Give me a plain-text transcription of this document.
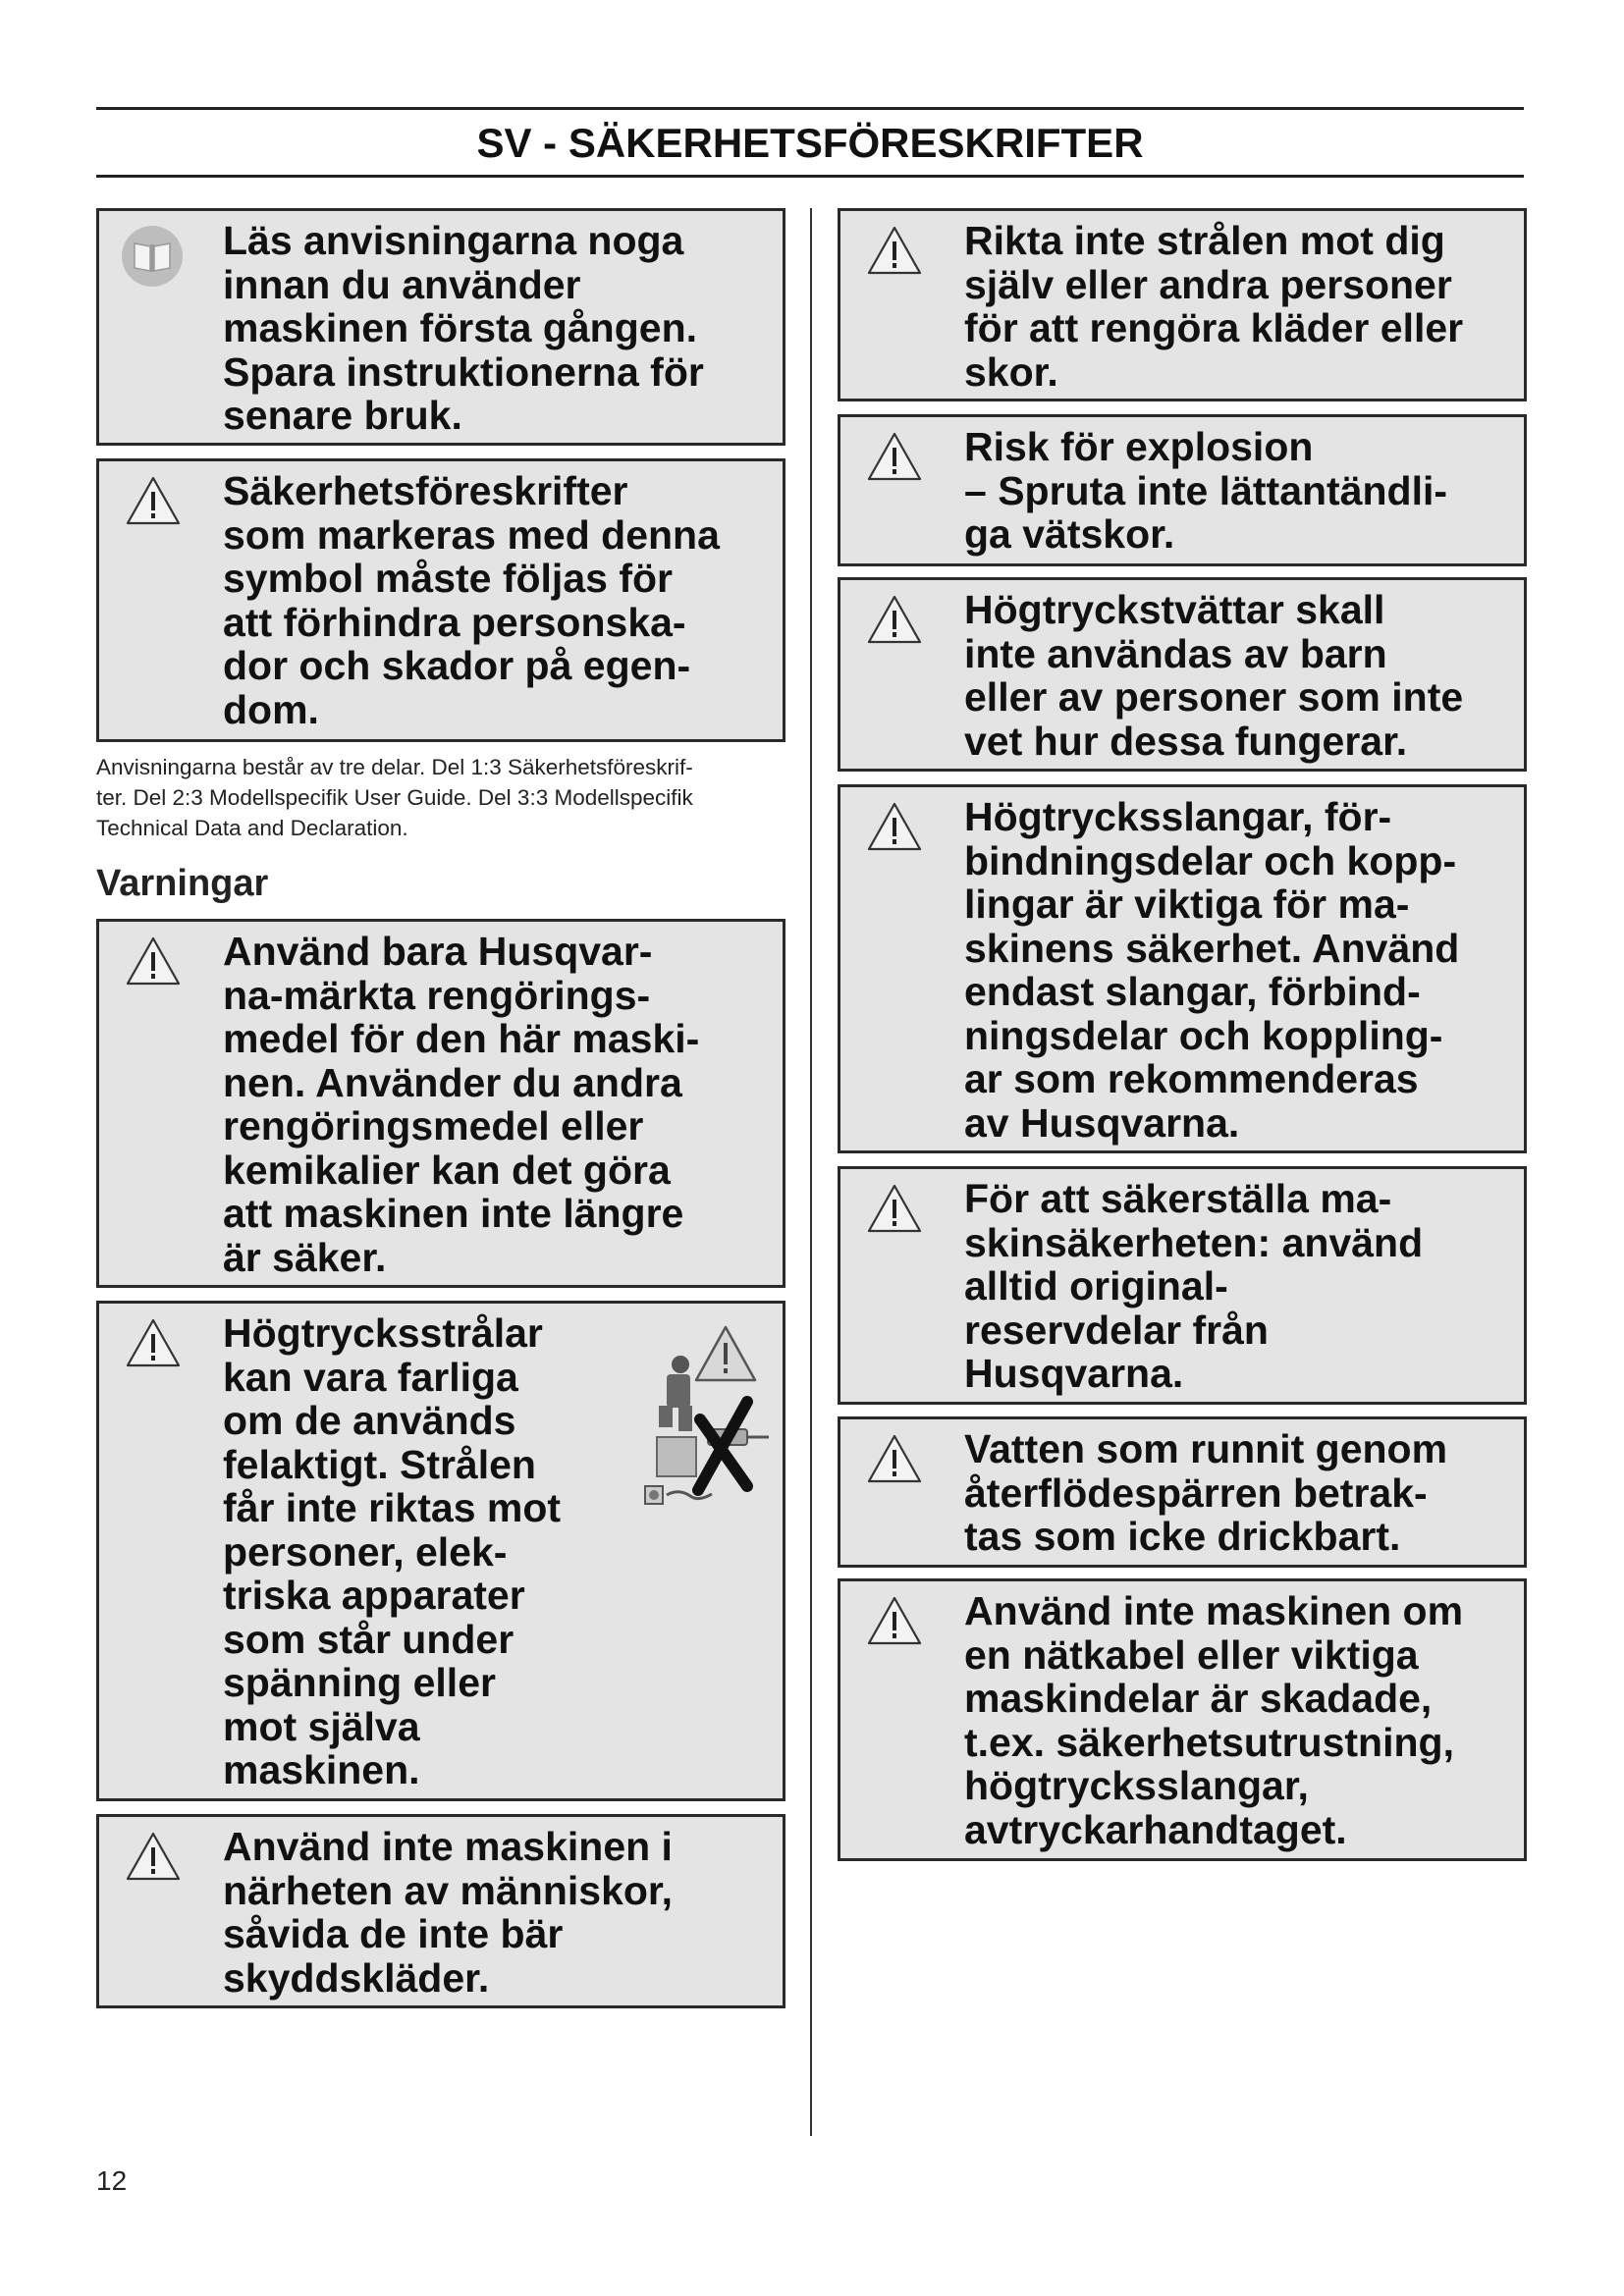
SV - SÄKERHETSFÖRESKRIFTER
Läs anvisningarna noga
innan du använder
maskinen första gången.
Spara instruktionerna för
senare bruk.
Säkerhetsföreskrifter
som markeras med denna
symbol måste följas för
att förhindra personska-
dor och skador på egen-
dom.
Anvisningarna består av tre delar. Del 1:3 Säkerhetsföreskrif-
ter. Del 2:3 Modellspecifik User Guide. Del 3:3 Modellspecifik
Technical Data and Declaration.
Varningar
Använd bara Husqvar-
na-märkta rengörings-
medel för den här maski-
nen. Använder du andra
rengöringsmedel eller
kemikalier kan det göra
att maskinen inte längre
är säker.
Högtrycksstrålar
kan vara farliga
om de används
felaktigt. Strålen
får inte riktas mot
personer, elek-
triska apparater
som står under
spänning eller
mot själva
maskinen.
Använd inte maskinen i
närheten av människor,
såvida de inte bär
skyddskläder.
Rikta inte strålen mot dig
själv eller andra personer
för att rengöra kläder eller
skor.
Risk för explosion
– Spruta inte lättantändli-
ga vätskor.
Högtryckstvättar skall
inte användas av barn
eller av personer som inte
vet hur dessa fungerar.
Högtrycksslangar, för-
bindningsdelar och kopp-
lingar är viktiga för ma-
skinens säkerhet. Använd
endast slangar, förbind-
ningsdelar och koppling-
ar som rekommenderas
av Husqvarna.
För att säkerställa ma-
skinsäkerheten: använd
alltid original-
reservdelar från
Husqvarna.
Vatten som runnit genom
återflödespärren betrak-
tas som icke drickbart.
Använd inte maskinen om
en nätkabel eller viktiga
maskindelar är skadade,
t.ex. säkerhetsutrustning,
högtrycksslangar,
avtryckarhandtaget.
12
